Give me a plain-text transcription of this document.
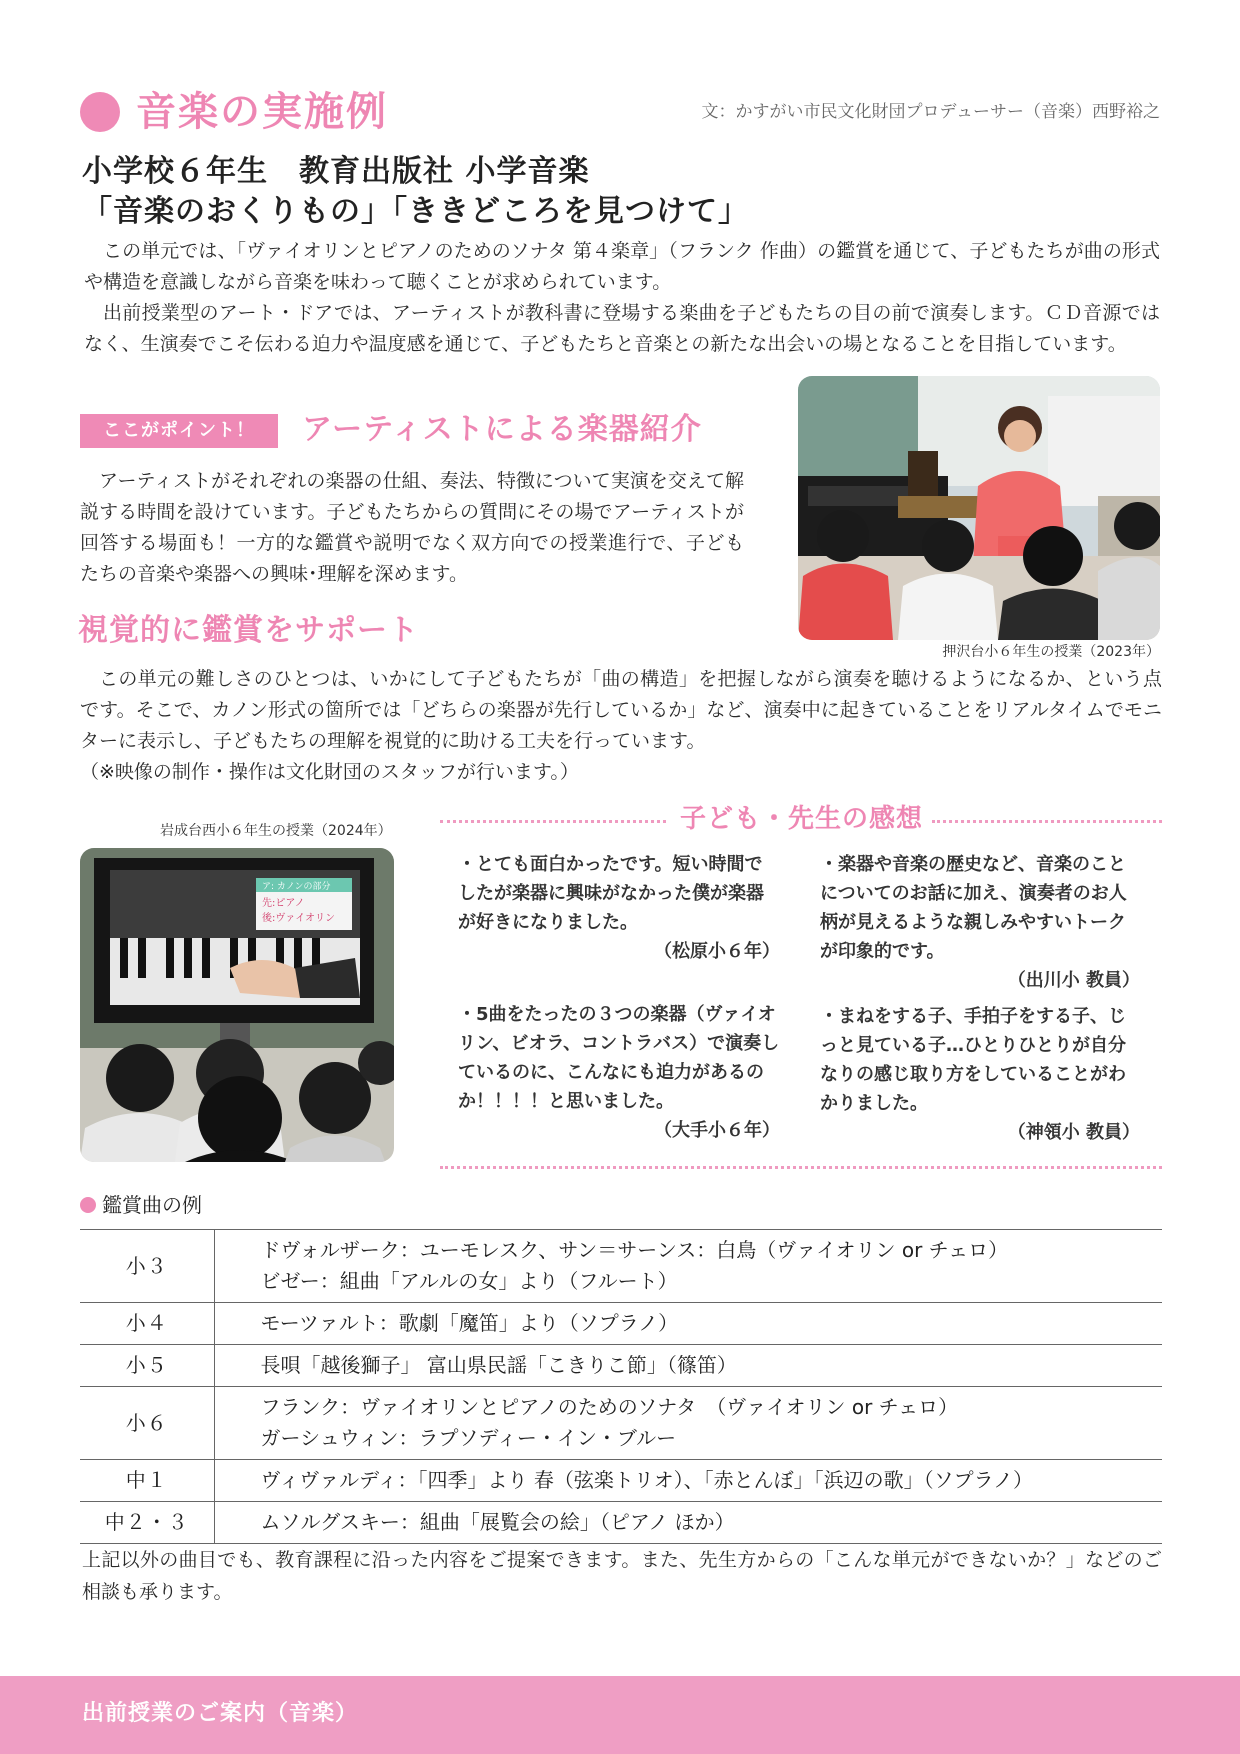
音楽の実施例	文：かすがい市民文化財団プロデューサー（音楽）西野裕之
小学校６年生　教育出版社 小学音楽
「音楽のおくりもの」「ききどころを見つけて」

この単元では、「ヴァイオリンとピアノのためのソナタ 第４楽章」（フランク 作曲）の鑑賞を通じて、子どもたちが曲の形式や構造を意識しながら音楽を味わって聴くことが求められています。

出前授業型のアート・ドアでは、アーティストが教科書に登場する楽曲を子どもたちの目の前で演奏します。ＣＤ音源ではなく、生演奏でこそ伝わる迫力や温度感を通じて、子どもたちと音楽との新たな出会いの場となることを目指しています。

ここがポイント！	アーティストによる楽器紹介

アーティストがそれぞれの楽器の仕組、奏法、特徴について実演を交えて解説する時間を設けています。子どもたちからの質問にその場でアーティストが回答する場面も！一方的な鑑賞や説明でなく双方向での授業進行で、子どもたちの音楽や楽器への興味･理解を深めます。

押沢台小６年生の授業（2023年）
視覚的に鑑賞をサポート

この単元の難しさのひとつは、いかにして子どもたちが「曲の構造」を把握しながら演奏を聴けるようになるか、という点です。そこで、カノン形式の箇所では「どちらの楽器が先行しているか」など、演奏中に起きていることをリアルタイムでモニターに表示し、子どもたちの理解を視覚的に助ける工夫を行っています。

（※映像の制作・操作は文化財団のスタッフが行います。）

岩成台西小６年生の授業（2024年）
ア: カノンの部分
先:ピアノ
後:ヴァイオリン
子ども・先生の感想
・とても面白かったです。短い時間でしたが楽器に興味がなかった僕が楽器が好きになりました。
（松原小６年）
・楽器や音楽の歴史など、音楽のことについてのお話に加え、演奏者のお人柄が見えるような親しみやすいトークが印象的です。
（出川小 教員）
・5曲をたったの３つの楽器（ヴァイオリン、ビオラ、コントラバス）で演奏しているのに、こんなにも迫力があるのか！！！！と思いました。
（大手小６年）
・まねをする子、手拍子をする子、じっと見ている子…ひとりひとりが自分なりの感じ取り方をしていることがわかりました。
（神領小 教員）
鑑賞曲の例
小３	ドヴォルザーク：ユーモレスク、サン＝サーンス：白鳥（ヴァイオリン or チェロ）
ビゼー：組曲「アルルの女」より（フルート）

小４	モーツァルト：歌劇「魔笛」より（ソプラノ）

小５	長唄「越後獅子」 富山県民謡「こきりこ節」（篠笛）

小６	フランク：ヴァイオリンとピアノのためのソナタ　（ヴァイオリン or チェロ）
ガーシュウィン：ラプソディー・イン・ブルー

中１	ヴィヴァルディ：「四季」より 春（弦楽トリオ）、「赤とんぼ」「浜辺の歌」（ソプラノ）

中２・３	ムソルグスキー：組曲「展覧会の絵」（ピアノ ほか）
上記以外の曲目でも、教育課程に沿った内容をご提案できます。また、先生方からの「こんな単元ができないか？」などのご相談も承ります。
出前授業のご案内（音楽）
